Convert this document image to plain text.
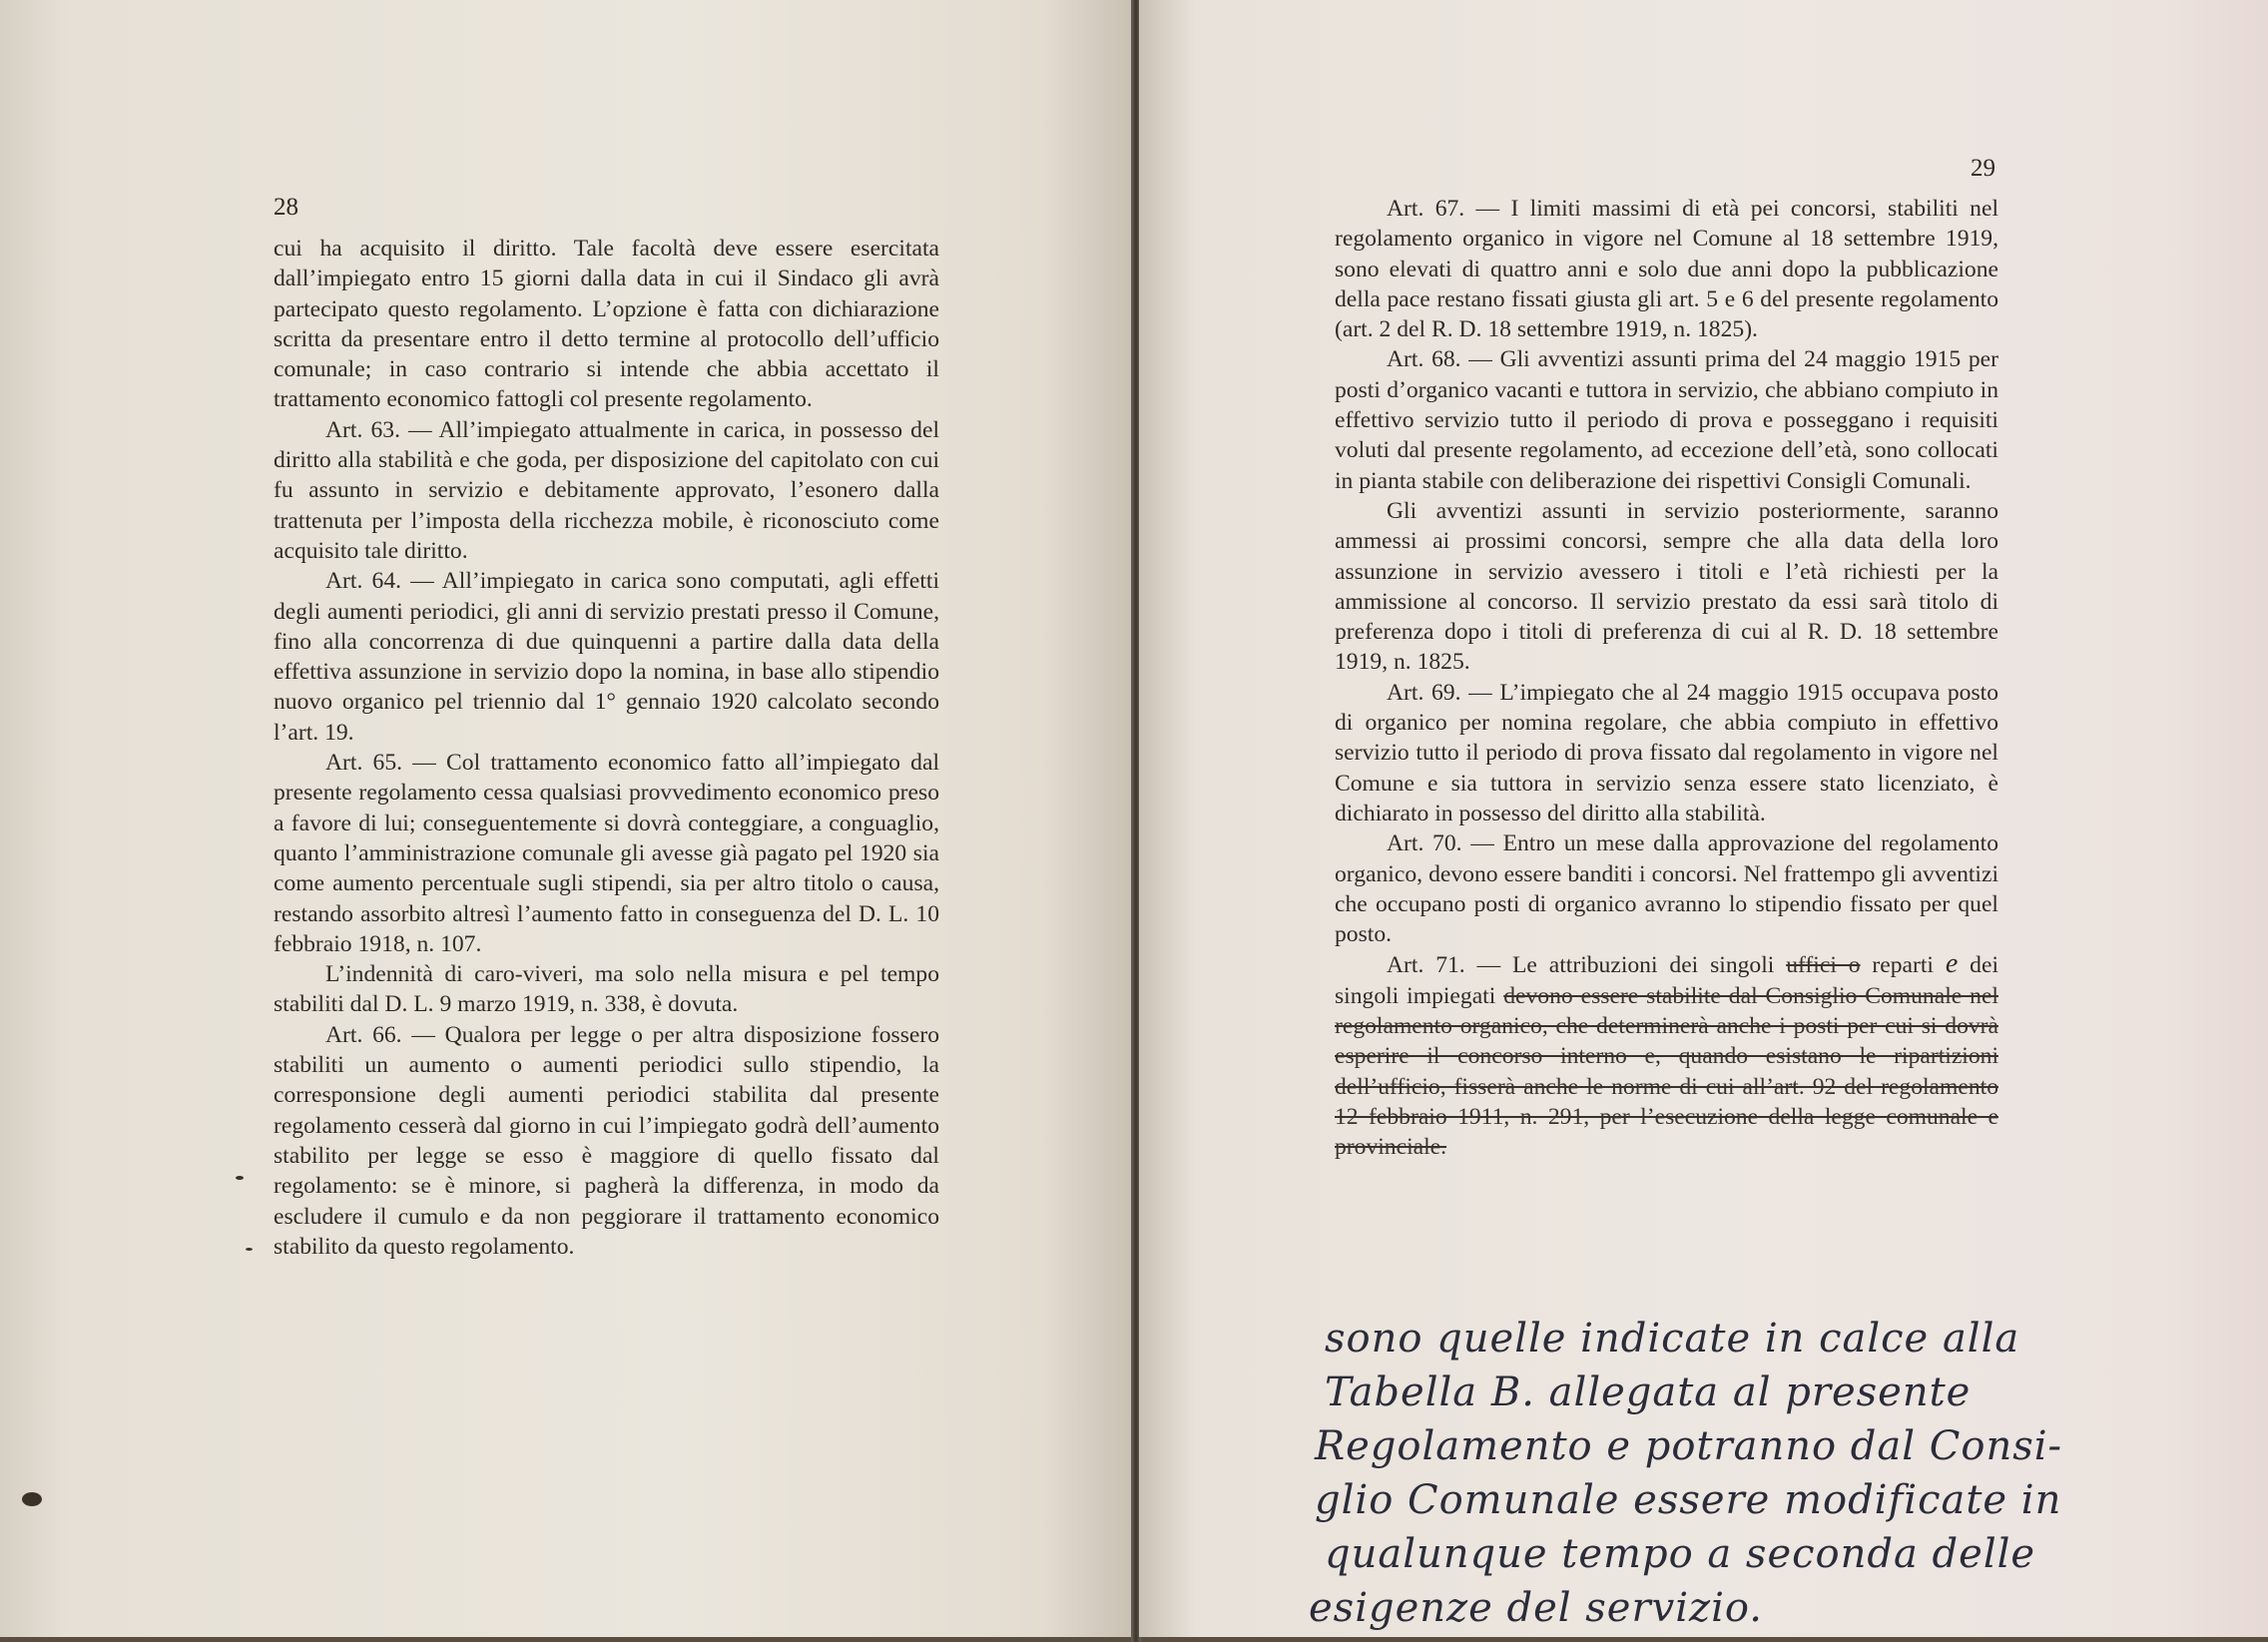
28

cui ha acquisito il diritto. Tale facoltà deve essere esercitata dall’impiegato entro 15 giorni dalla data in cui il Sindaco gli avrà partecipato questo regolamento. L’opzione è fatta con dichiarazione scritta da presentare entro il detto termine al protocollo dell’ufficio comunale; in caso contrario si intende che abbia accettato il trattamento economico fattogli col presente regolamento.

Art. 63. — All’impiegato attualmente in carica, in possesso del diritto alla stabilità e che goda, per disposizione del capitolato con cui fu assunto in servizio e debitamente approvato, l’esonero dalla trattenuta per l’imposta della ricchezza mobile, è riconosciuto come acquisito tale diritto.

Art. 64. — All’impiegato in carica sono computati, agli effetti degli aumenti periodici, gli anni di servizio prestati presso il Comune, fino alla concorrenza di due quinquenni a partire dalla data della effettiva assunzione in servizio dopo la nomina, in base allo stipendio nuovo organico pel triennio dal 1° gennaio 1920 calcolato secondo l’art. 19.

Art. 65. — Col trattamento economico fatto all’impiegato dal presente regolamento cessa qualsiasi provvedimento economico preso a favore di lui; conseguentemente si dovrà conteggiare, a conguaglio, quanto l’amministrazione comunale gli avesse già pagato pel 1920 sia come aumento percentuale sugli stipendi, sia per altro titolo o causa, restando assorbito altresì l’aumento fatto in conseguenza del D. L. 10 febbraio 1918, n. 107.

L’indennità di caro-viveri, ma solo nella misura e pel tempo stabiliti dal D. L. 9 marzo 1919, n. 338, è dovuta.

Art. 66. — Qualora per legge o per altra disposizione fossero stabiliti un aumento o aumenti periodici sullo stipendio, la corresponsione degli aumenti periodici stabilita dal presente regolamento cesserà dal giorno in cui l’impiegato godrà dell’aumento stabilito per legge se esso è maggiore di quello fissato dal regolamento: se è minore, si pagherà la differenza, in modo da escludere il cumulo e da non peggiorare il trattamento economico stabilito da questo regolamento.

29

Art. 67. — I limiti massimi di età pei concorsi, stabiliti nel regolamento organico in vigore nel Comune al 18 settembre 1919, sono elevati di quattro anni e solo due anni dopo la pubblicazione della pace restano fissati giusta gli art. 5 e 6 del presente regolamento (art. 2 del R. D. 18 settembre 1919, n. 1825).

Art. 68. — Gli avventizi assunti prima del 24 maggio 1915 per posti d’organico vacanti e tuttora in servizio, che abbiano compiuto in effettivo servizio tutto il periodo di prova e posseggano i requisiti voluti dal presente regolamento, ad eccezione dell’età, sono collocati in pianta stabile con deliberazione dei rispettivi Consigli Comunali.

Gli avventizi assunti in servizio posteriormente, saranno ammessi ai prossimi concorsi, sempre che alla data della loro assunzione in servizio avessero i titoli e l’età richiesti per la ammissione al concorso. Il servizio prestato da essi sarà titolo di preferenza dopo i titoli di preferenza di cui al R. D. 18 settembre 1919, n. 1825.

Art. 69. — L’impiegato che al 24 maggio 1915 occupava posto di organico per nomina regolare, che abbia compiuto in effettivo servizio tutto il periodo di prova fissato dal regolamento in vigore nel Comune e sia tuttora in servizio senza essere stato licenziato, è dichiarato in possesso del diritto alla stabilità.

Art. 70. — Entro un mese dalla approvazione del regolamento organico, devono essere banditi i concorsi. Nel frattempo gli avventizi che occupano posti di organico avranno lo stipendio fissato per quel posto.

Art. 71. — Le attribuzioni dei singoli uffici o reparti e dei singoli impiegati devono essere stabilite dal Consiglio Comunale nel regolamento organico, che determinerà anche i posti per cui si dovrà esperire il concorso interno e, quando esistano le ripartizioni dell’ufficio, fisserà anche le norme di cui all’art. 92 del regolamento 12 febbraio 1911, n. 291, per l’esecuzione della legge comunale e provinciale.

sono quelle indicate in calce alla
Tabella B. allegata al presente
Regolamento e potranno dal Consi-
glio Comunale essere modificate in
qualunque tempo a seconda delle
esigenze del servizio.
